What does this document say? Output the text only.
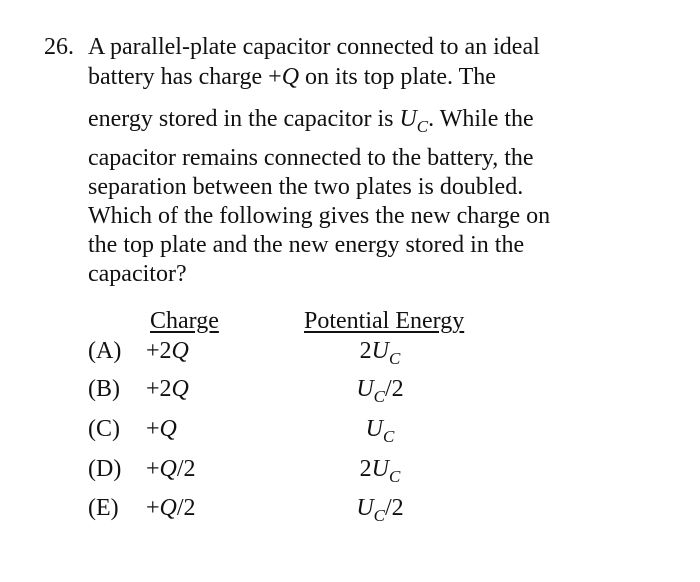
26. A parallel-plate capacitor connected to an ideal
battery has charge +Q on its top plate. The
energy stored in the capacitor is $U_C$. While the
capacitor remains connected to the battery, the
separation between the two plates is doubled.
Which of the following gives the new charge on
the top plate and the new energy stored in the
capacitor?
Charge	Potential Energy
(A) +2Q	$2U_C$
(B) +2Q	$U_C/2$
(C) +Q	$U_C$
(D) +Q/2	$2U_C$
(E) +Q/2	$U_C/2$
